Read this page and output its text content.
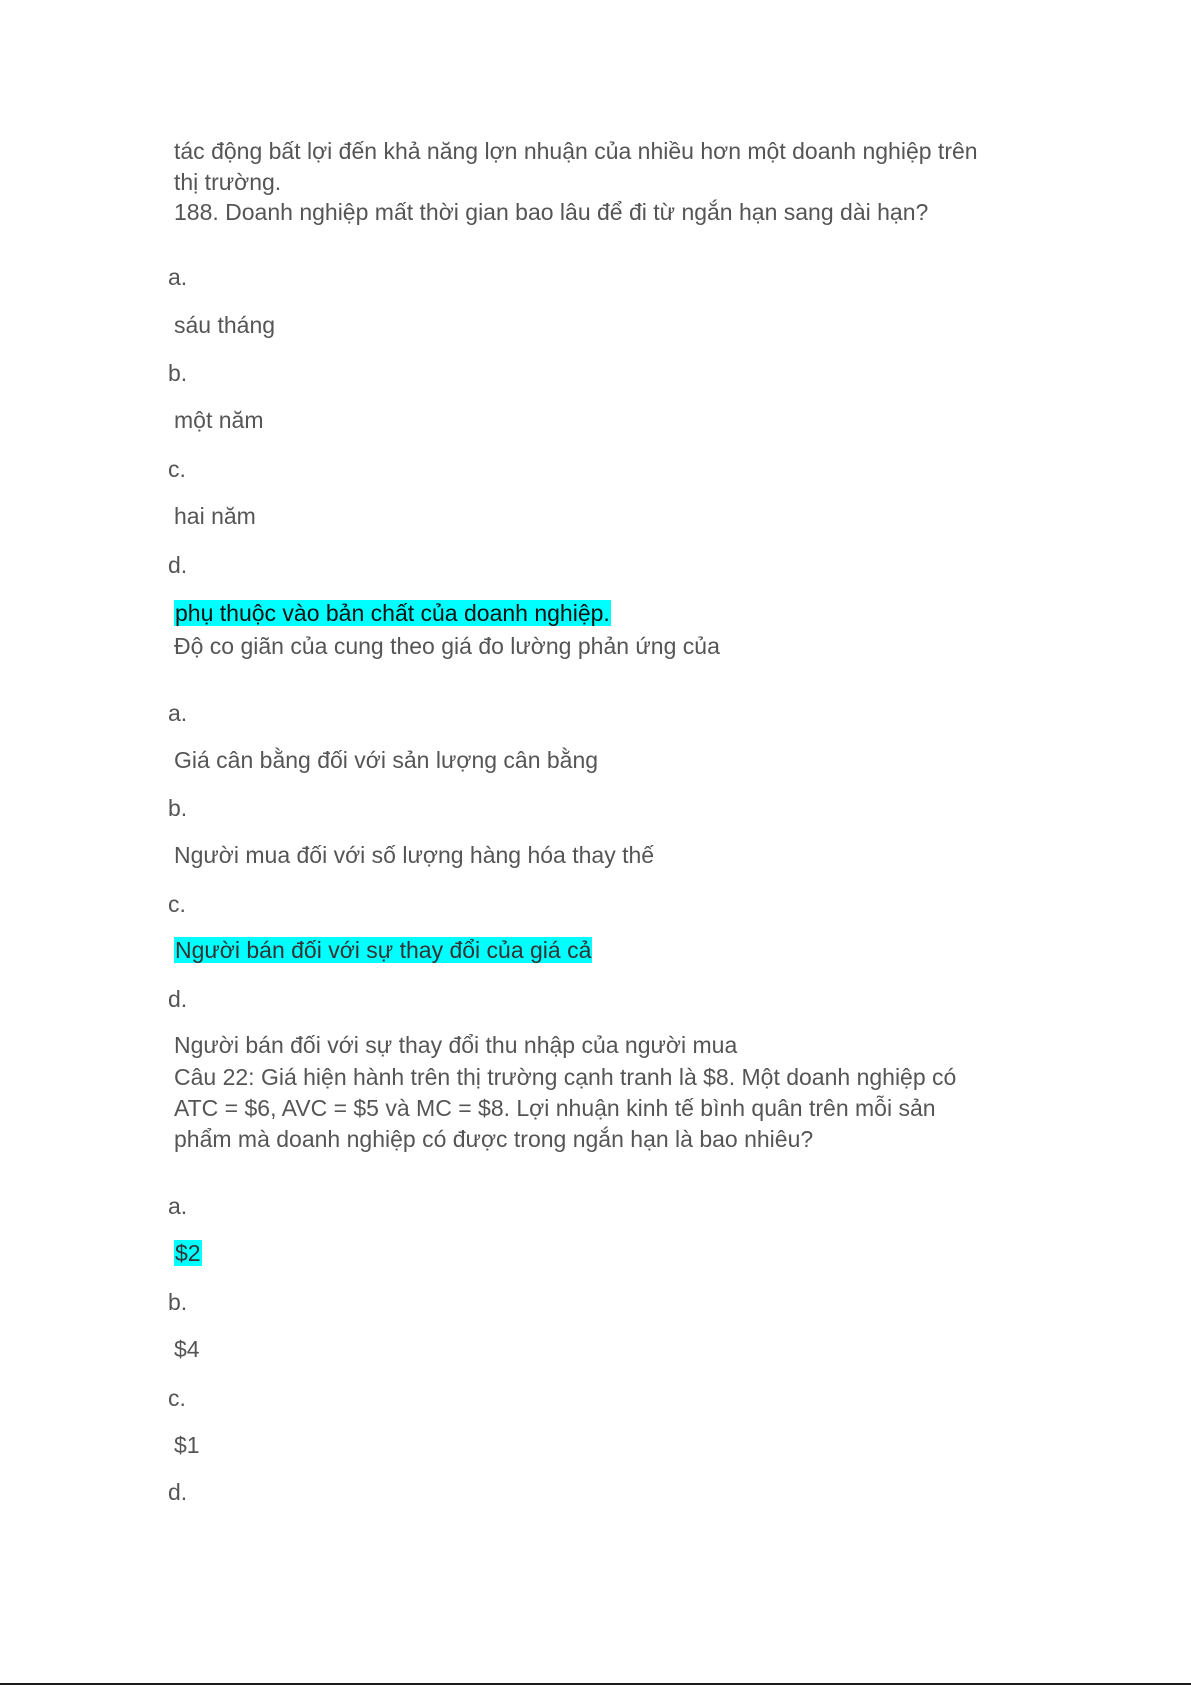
tác động bất lợi đến khả năng lợn nhuận của nhiều hơn một doanh nghiệp trên

thị trường.

188. Doanh nghiệp mất thời gian bao lâu để đi từ ngắn hạn sang dài hạn?

a.

sáu tháng

b.

một năm

c.

hai năm

d.

phụ thuộc vào bản chất của doanh nghiệp.

Độ co giãn của cung theo giá đo lường phản ứng của

a.

Giá cân bằng đối với sản lượng cân bằng

b.

Người mua đối với số lượng hàng hóa thay thế

c.

Người bán đối với sự thay đổi của giá cả

d.

Người bán đối với sự thay đổi thu nhập của người mua

Câu 22: Giá hiện hành trên thị trường cạnh tranh là $8. Một doanh nghiệp có

ATC = $6, AVC = $5 và MC = $8. Lợi nhuận kinh tế bình quân trên mỗi sản

phẩm mà doanh nghiệp có được trong ngắn hạn là bao nhiêu?

a.

$2

b.

$4

c.

$1

d.
